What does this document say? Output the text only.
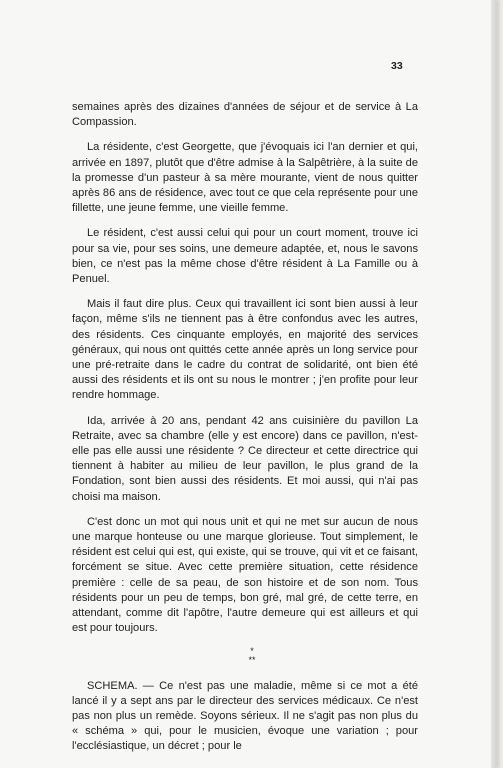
33

semaines après des dizaines d'années de séjour et de service à La Compassion.

La résidente, c'est Georgette, que j'évoquais ici l'an dernier et qui, arrivée en 1897, plutôt que d'être admise à la Salpêtrière, à la suite de la promesse d'un pasteur à sa mère mourante, vient de nous quitter après 86 ans de résidence, avec tout ce que cela représente pour une fillette, une jeune femme, une vieille femme.

Le résident, c'est aussi celui qui pour un court moment, trouve ici pour sa vie, pour ses soins, une demeure adaptée, et, nous le savons bien, ce n'est pas la même chose d'être résident à La Famille ou à Penuel.

Mais il faut dire plus. Ceux qui travaillent ici sont bien aussi à leur façon, même s'ils ne tiennent pas à être confondus avec les autres, des résidents. Ces cinquante employés, en majorité des services généraux, qui nous ont quittés cette année après un long service pour une pré-retraite dans le cadre du contrat de solidarité, ont bien été aussi des résidents et ils ont su nous le montrer ; j'en profite pour leur rendre hommage.

Ida, arrivée à 20 ans, pendant 42 ans cuisinière du pavillon La Retraite, avec sa chambre (elle y est encore) dans ce pavillon, n'est-elle pas elle aussi une résidente ? Ce directeur et cette directrice qui tiennent à habiter au milieu de leur pavillon, le plus grand de la Fondation, sont bien aussi des résidents. Et moi aussi, qui n'ai pas choisi ma maison.

C'est donc un mot qui nous unit et qui ne met sur aucun de nous une marque honteuse ou une marque glorieuse. Tout simplement, le résident est celui qui est, qui existe, qui se trouve, qui vit et ce faisant, forcément se situe. Avec cette première situation, cette résidence première : celle de sa peau, de son histoire et de son nom. Tous résidents pour un peu de temps, bon gré, mal gré, de cette terre, en attendant, comme dit l'apôtre, l'autre demeure qui est ailleurs et qui est pour toujours.

*
**

SCHEMA. — Ce n'est pas une maladie, même si ce mot a été lancé il y a sept ans par le directeur des services médicaux. Ce n'est pas non plus un remède. Soyons sérieux. Il ne s'agit pas non plus du « schéma » qui, pour le musicien, évoque une variation ; pour l'ecclésiastique, un décret ; pour le
